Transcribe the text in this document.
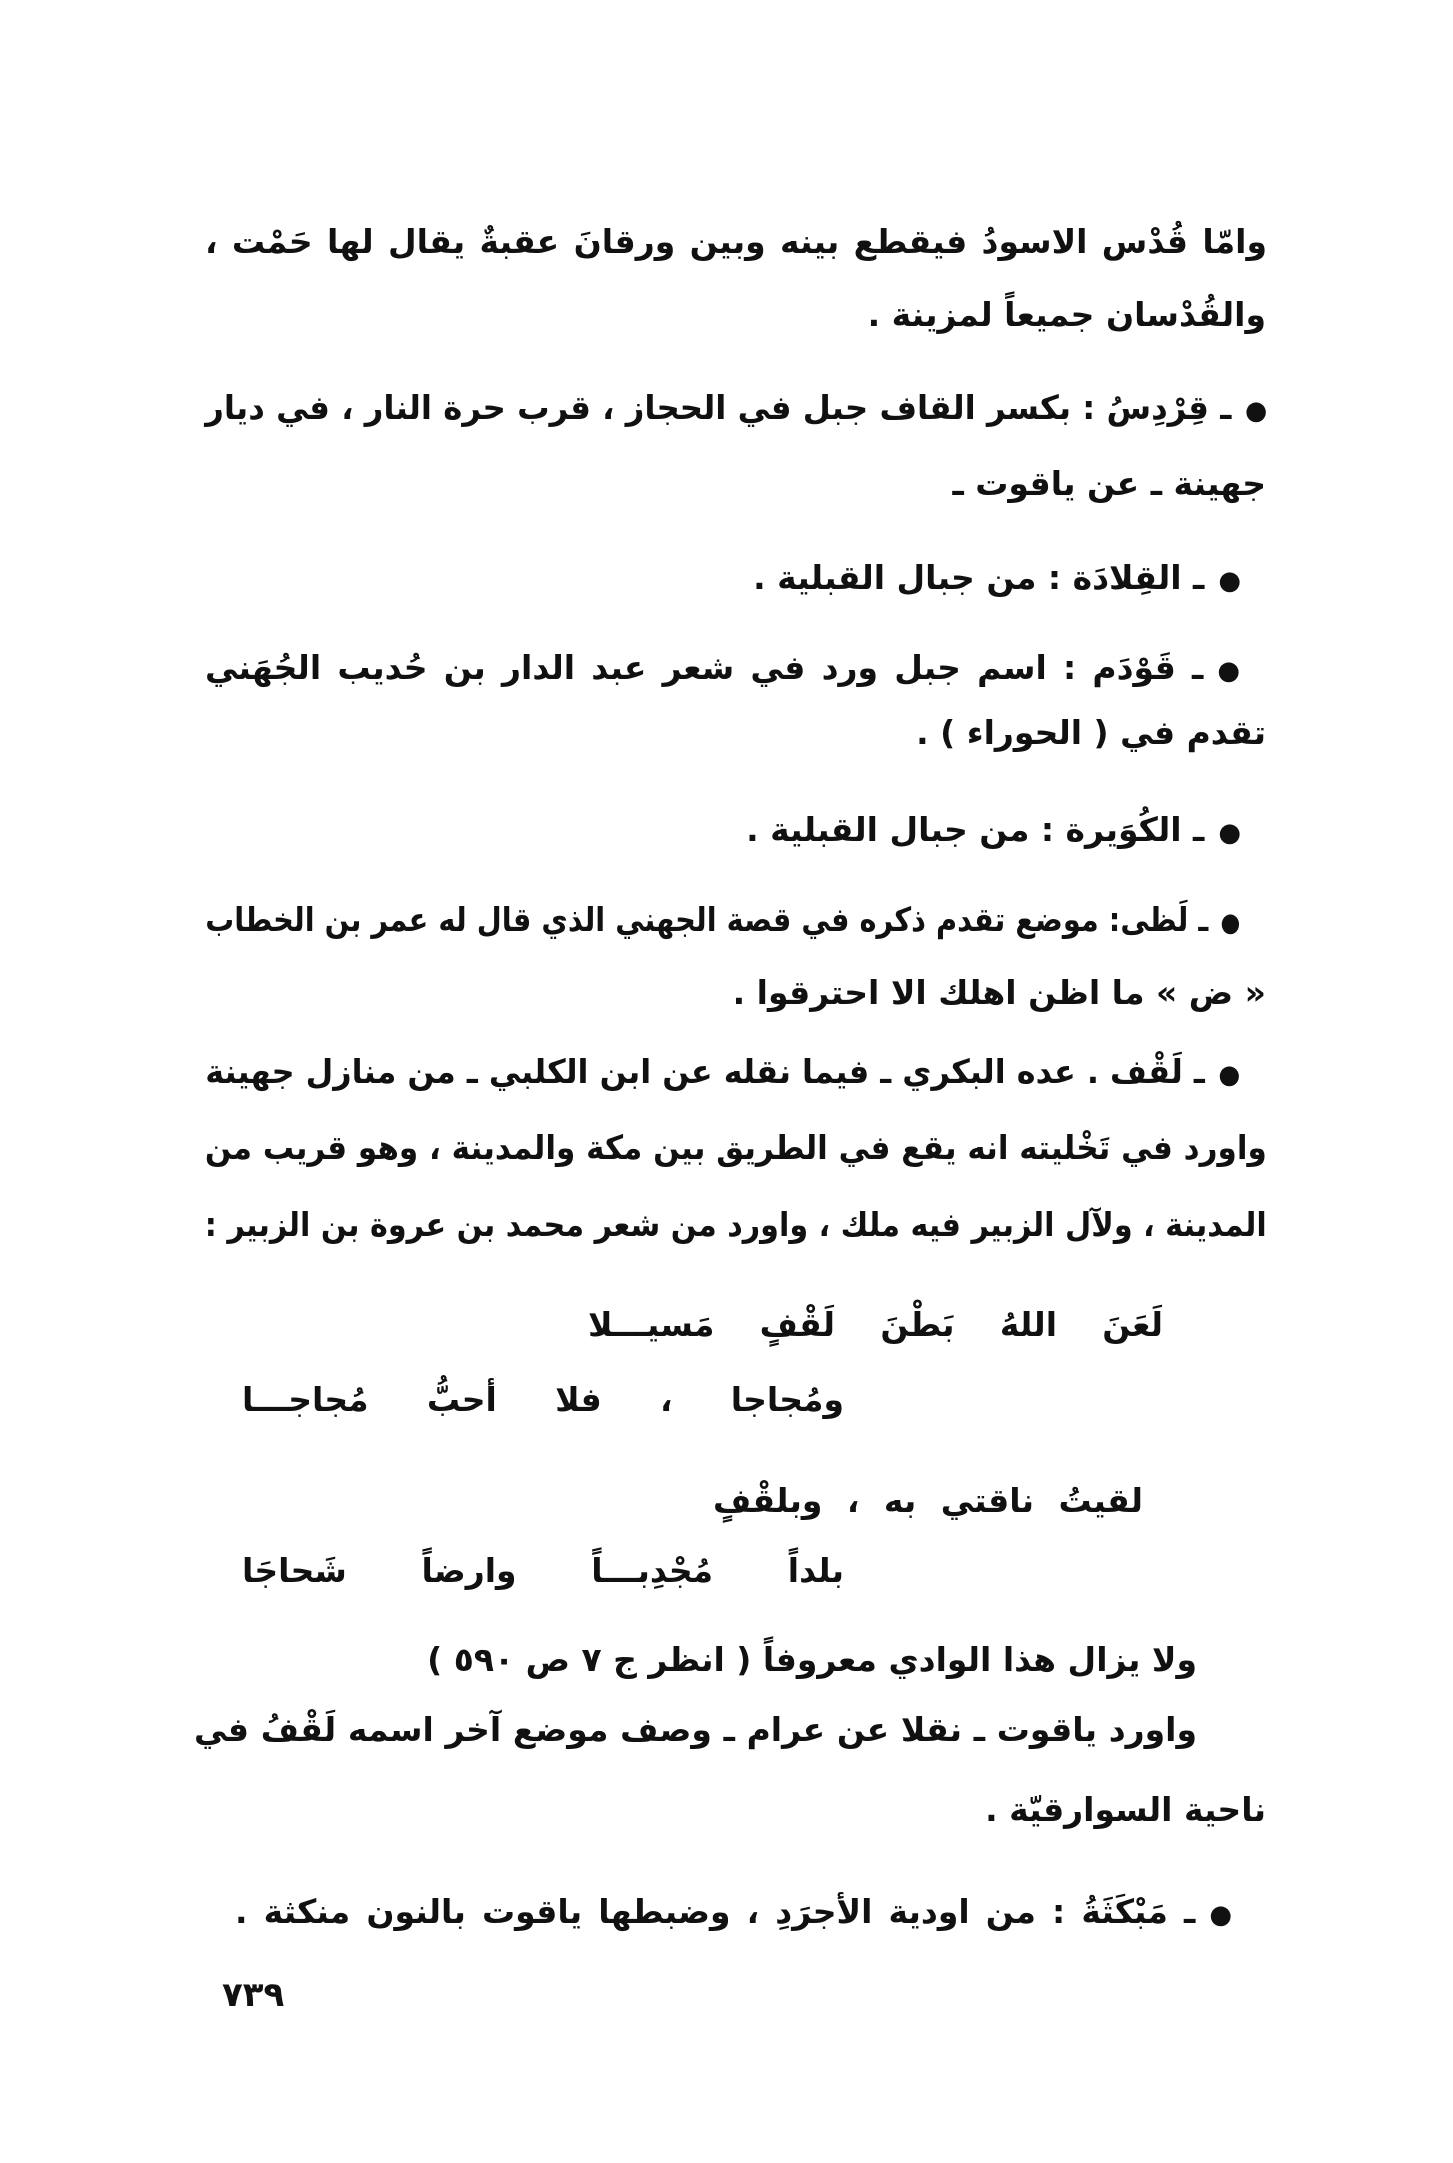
وامّا قُدْس الاسودُ فيقطع بينه وبين ورقانَ عقبةٌ يقال لها حَمْت ،
والقُدْسان جميعاً لمزينة .
●ـ قِرْدِسُ : بكسر القاف جبل في الحجاز ، قرب حرة النار ، في ديار
جهينة ـ عن ياقوت ـ
●ـ القِلادَة : من جبال القبلية .
●ـ قَوْدَم : اسم جبل ورد في شعر عبد الدار بن حُديب الجُهَني
تقدم في ( الحوراء ) .
●ـ الكُوَيرة : من جبال القبلية .
●ـ لَظى: موضع تقدم ذكره في قصة الجهني الذي قال له عمر بن الخطاب
« ض » ما اظن اهلك الا احترقوا .
●ـ لَقْف . عده البكري ـ فيما نقله عن ابن الكلبي ـ من منازل جهينة
واورد في تَخْليته انه يقع في الطريق بين مكة والمدينة ، وهو قريب من
المدينة ، ولآل الزبير فيه ملك ، واورد من شعر محمد بن عروة بن الزبير :
لَعَنَ اللهُ بَطْنَ لَقْفٍ مَسيـــلا
ومُجاجا ، فلا أحبُّ مُجاجـــا
لقيتُ ناقتي به ، وبلقْفٍ
بلداً مُجْدِبـــاً وارضاً شَحاجَا
ولا يزال هذا الوادي معروفاً ( انظر ج ٧ ص ٥٩٠ )
واورد ياقوت ـ نقلا عن عرام ـ وصف موضع آخر اسمه لَقْفُ في
ناحية السوارقيّة .
●ـ مَبْكَثَةُ : من اودية الأجرَدِ ، وضبطها ياقوت بالنون منكثة .
٧٣٩
